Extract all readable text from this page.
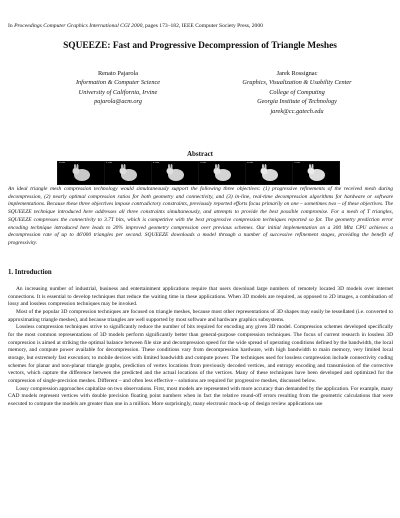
In Proceedings Computer Graphics International CGI 2000, pages 173–182, IEEE Computer Society Press, 2000
SQUEEZE: Fast and Progressive Decompression of Triangle Meshes
Renato Pajarola
Information & Computer Science
University of California, Irvine
pajarola@acm.org
Jarek Rossignac
Graphics, Visualization & Usability Center
College of Computing
Georgia Institute of Technology
jarek@cc.gatech.edu
Abstract
0 lod	1 lod	2 lod	3 lod	4 lod	5 lod
An ideal triangle mesh compression technology would simultaneously support the following three objectives: (1) progressive refinements of the received mesh during decompression, (2) nearly optimal compression ratios for both geometry and connectivity, and (3) in-line, real-time decompression algorithms for hardware or software implementations. Because these three objectives impose contradictory constraints, previously reported efforts focus primarily on one – sometimes two – of these objectives. The SQUEEZE technique introduced here addresses all three constraints simultaneously, and attempts to provide the best possible compromise. For a mesh of T triangles, SQUEEZE compresses the connectivity to 3.7T bits, which is competitive with the best progressive compression techniques reported so far. The geometry prediction error encoding technique introduced here leads to 20% improved geometry compression over previous schemes. Our initial implementation on a 300 Mhz CPU achieves a decompression rate of up to 46'000 triangles per second. SQUEEZE downloads a model through a number of successive refinement stages, providing the benefit of progressivity.
1. Introduction

An increasing number of industrial, business and entertainment applications require that users download large numbers of remotely located 3D models over internet connections. It is essential to develop techniques that reduce the waiting time in these applications. When 3D models are required, as opposed to 2D images, a combination of lossy and lossless compression techniques may be invoked.

Most of the popular 3D compression techniques are focused on triangle meshes, because most other representations of 3D shapes may easily be tessellated (i.e. converted to approximating triangle meshes), and because triangles are well supported by most software and hardware graphics subsystems.

Lossless compression techniques strive to significantly reduce the number of bits required for encoding any given 3D model. Compression schemes developed specifically for the most common representations of 3D models perform significantly better than general-purpose compression techniques. The focus of current research in lossless 3D compression is aimed at striking the optimal balance between file size and decompression speed for the wide spread of operating conditions defined by the bandwidth, the local memory, and compute power available for decompression. These conditions vary from decompression hardware, with high bandwidth to main memory, very limited local storage, but extremely fast execution; to mobile devices with limited bandwidth and compute power. The techniques used for lossless compression include connectivity coding schemes for planar and non-planar triangle graphs, prediction of vertex locations from previously decoded vertices, and entropy encoding and transmission of the corrective vectors, which capture the difference between the predicted and the actual locations of the vertices. Many of these techniques have been developed and optimized for the compression of single-precision meshes. Different – and often less effective – solutions are required for progressive meshes, discussed below.

Lossy compression approaches capitalize on two observations. First, most models are represented with more accuracy than demanded by the application. For example, many CAD models represent vertices with double precision floating point numbers when in fact the relative round-off errors resulting from the geometric calculations that were executed to compute the models are greater than one in a million. More surprisingly, many electronic mock-up of design review applications use
